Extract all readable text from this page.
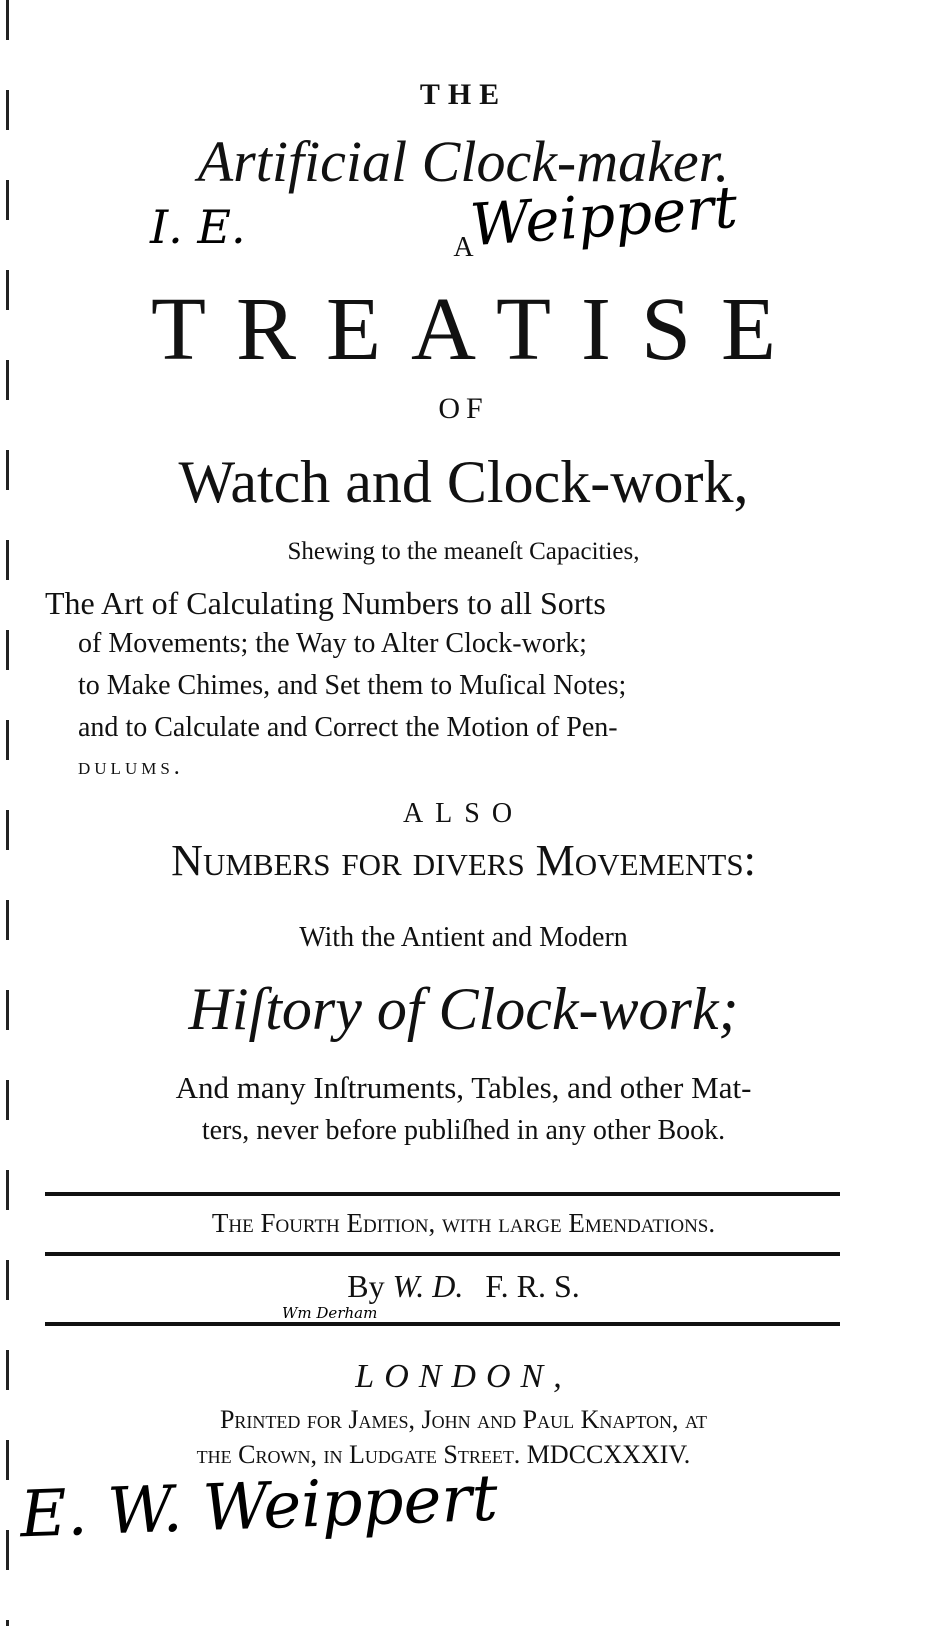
THE
Artificial Clock-maker.
I. E.	A
Weippert
TREATISE
OF
Watch and Clock-work,
Shewing to the meaneſt Capacities,
The Art of Calculating Numbers to all Sorts
of Movements; the Way to Alter Clock-work;
to Make Chimes, and Set them to Muſical Notes;
and to Calculate and Correct the Motion of Pen-
dulums.
ALSO
Numbers for divers Movements:
With the Antient and Modern
Hiſtory of Clock-work;
And many Inſtruments, Tables, and other Mat-
ters, never before publiſhed in any other Book.
The Fourth Edition, with large Emendations.
By W. D. F. R. S.
Wm Derham
LONDON,
Printed for James, John and Paul Knapton, at
the Crown, in Ludgate Street. MDCCXXXIV.
E. W. Weippert
